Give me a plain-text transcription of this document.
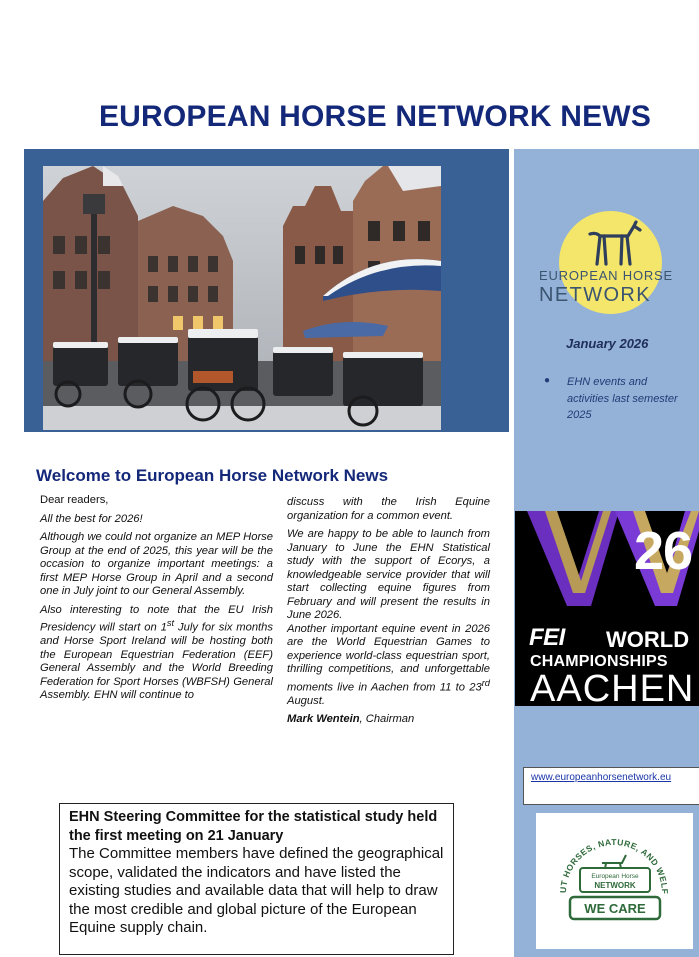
EUROPEAN HORSE NETWORK NEWS
EUROPEAN HORSE
NETWORK
January 2026
● EHN events and activities last semester 2025
26
FEI WORLD
CHAMPIONSHIPS
AACHEN
www.europeanhorsenetwork.eu
UT HORSES, NATURE, AND WELF
European Horse
NETWORK
WE CARE
Welcome to European Horse Network News

Dear readers,

All the best for 2026!

Although we could not organize an MEP Horse Group at the end of 2025, this year will be the occasion to organize important meetings: a first MEP Horse Group in April and a second one in July joint to our General Assembly.

Also interesting to note that the EU Irish Presidency will start on 1st July for six months and Horse Sport Ireland will be hosting both the European Equestrian Federation (EEF) General Assembly and the World Breeding Federation for Sport Horses (WBFSH) General Assembly. EHN will continue to

discuss with the Irish Equine organization for a common event.

We are happy to be able to launch from January to June the EHN Statistical study with the support of Ecorys, a knowledgeable service provider that will start collecting equine figures from February and will present the results in June 2026.

Another important equine event in 2026 are the World Equestrian Games to experience world-class equestrian sport, thrilling competitions, and unforgettable moments live in Aachen from 11 to 23rd August.

Mark Wentein, Chairman

EHN Steering Committee for the statistical study held the first meeting on 21 January
The Committee members have defined the geographical scope, validated the indicators and have listed the existing studies and available data that will help to draw the most credible and global picture of the European Equine supply chain.
